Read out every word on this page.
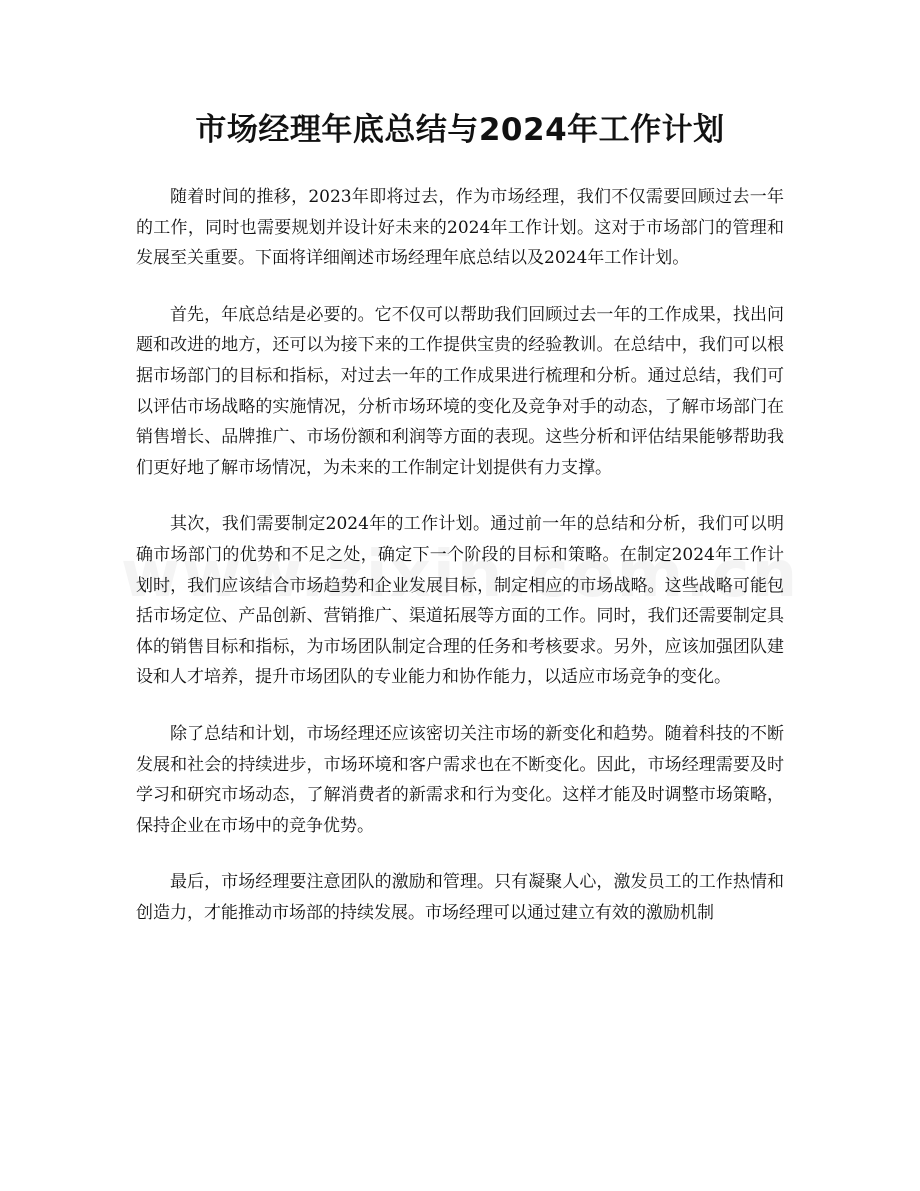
市场经理年底总结与2024年工作计划

随着时间的推移，2023年即将过去，作为市场经理，我们不仅需要回顾过去一年的工作，同时也需要规划并设计好未来的2024年工作计划。这对于市场部门的管理和发展至关重要。下面将详细阐述市场经理年底总结以及2024年工作计划。

首先，年底总结是必要的。它不仅可以帮助我们回顾过去一年的工作成果，找出问题和改进的地方，还可以为接下来的工作提供宝贵的经验教训。在总结中，我们可以根据市场部门的目标和指标，对过去一年的工作成果进行梳理和分析。通过总结，我们可以评估市场战略的实施情况，分析市场环境的变化及竞争对手的动态，了解市场部门在销售增长、品牌推广、市场份额和利润等方面的表现。这些分析和评估结果能够帮助我们更好地了解市场情况，为未来的工作制定计划提供有力支撑。

其次，我们需要制定2024年的工作计划。通过前一年的总结和分析，我们可以明确市场部门的优势和不足之处，确定下一个阶段的目标和策略。在制定2024年工作计划时，我们应该结合市场趋势和企业发展目标，制定相应的市场战略。这些战略可能包括市场定位、产品创新、营销推广、渠道拓展等方面的工作。同时，我们还需要制定具体的销售目标和指标，为市场团队制定合理的任务和考核要求。另外，应该加强团队建设和人才培养，提升市场团队的专业能力和协作能力，以适应市场竞争的变化。

除了总结和计划，市场经理还应该密切关注市场的新变化和趋势。随着科技的不断发展和社会的持续进步，市场环境和客户需求也在不断变化。因此，市场经理需要及时学习和研究市场动态，了解消费者的新需求和行为变化。这样才能及时调整市场策略，保持企业在市场中的竞争优势。

最后，市场经理要注意团队的激励和管理。只有凝聚人心，激发员工的工作热情和创造力，才能推动市场部的持续发展。市场经理可以通过建立有效的激励机制
